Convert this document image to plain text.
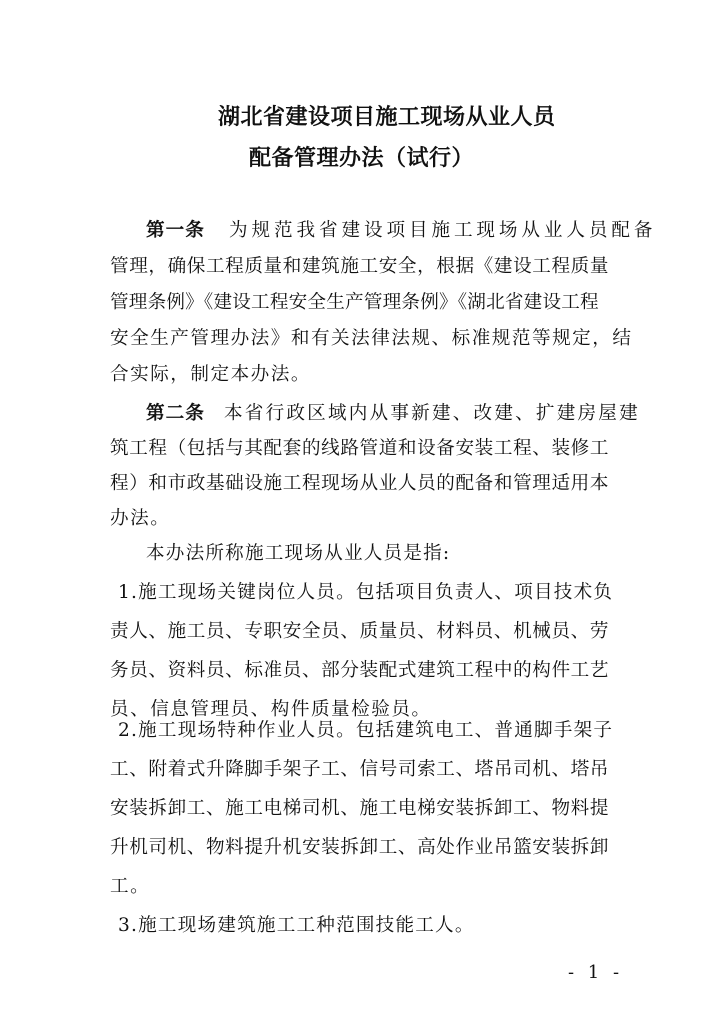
湖北省建设项目施工现场从业人员
配备管理办法（试行）
第一条 为规范我省建设项目施工现场从业人员配备
管理，确保工程质量和建筑施工安全，根据《建设工程质量
管理条例》《建设工程安全生产管理条例》《湖北省建设工程
安全生产管理办法》和有关法律法规、标准规范等规定，结
合实际，制定本办法。
第二条 本省行政区域内从事新建、改建、扩建房屋建
筑工程（包括与其配套的线路管道和设备安装工程、装修工
程）和市政基础设施工程现场从业人员的配备和管理适用本
办法。
本办法所称施工现场从业人员是指:
1.施工现场关键岗位人员。包括项目负责人、项目技术负
责人、施工员、专职安全员、质量员、材料员、机械员、劳
务员、资料员、标准员、部分装配式建筑工程中的构件工艺
员、信息管理员、构件质量检验员。
2.施工现场特种作业人员。包括建筑电工、普通脚手架子
工、附着式升降脚手架子工、信号司索工、塔吊司机、塔吊
安装拆卸工、施工电梯司机、施工电梯安装拆卸工、物料提
升机司机、物料提升机安装拆卸工、高处作业吊篮安装拆卸
工。
- 1 -
3.施工现场建筑施工工种范围技能工人。
